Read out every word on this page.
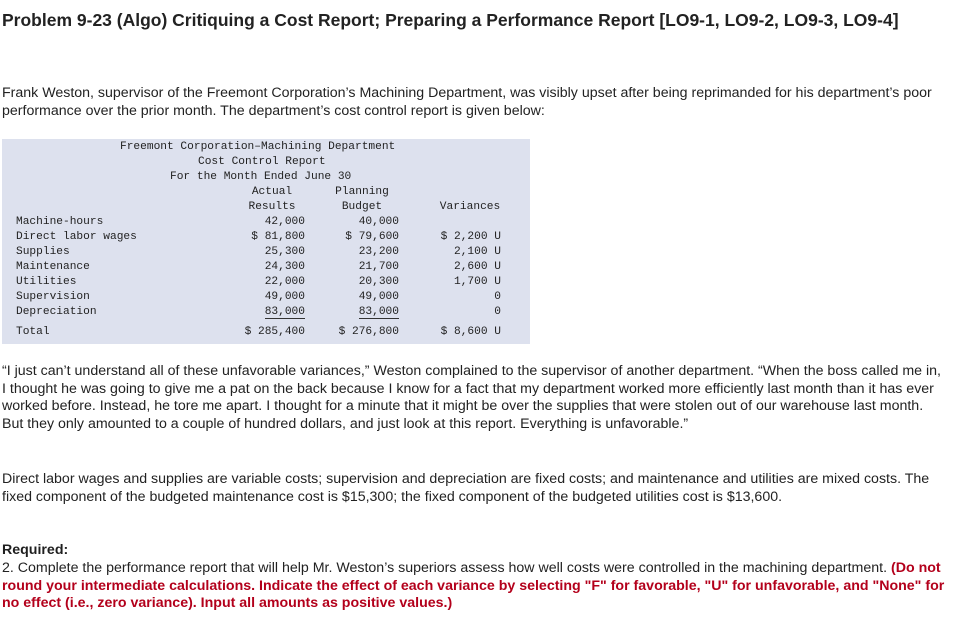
Problem 9-23 (Algo) Critiquing a Cost Report; Preparing a Performance Report [LO9-1, LO9-2, LO9-3, LO9-4]
Frank Weston, supervisor of the Freemont Corporation’s Machining Department, was visibly upset after being reprimanded for his department’s poor performance over the prior month. The department’s cost control report is given below:
Freemont Corporation–Machining Department
Cost Control Report
For the Month Ended June 30
Actual
Results
Planning
Budget	Variances
Machine-hours	42,000	40,000
Direct labor wages	$ 81,800	$ 79,600	$ 2,200 U
Supplies	25,300	23,200	2,100 U
Maintenance	24,300	21,700	2,600 U
Utilities	22,000	20,300	1,700 U
Supervision	49,000	49,000	0
Depreciation	83,000	83,000	0
Total	$ 285,400	$ 276,800	$ 8,600 U
“I just can’t understand all of these unfavorable variances,” Weston complained to the supervisor of another department. “When the boss called me in, I thought he was going to give me a pat on the back because I know for a fact that my department worked more efficiently last month than it has ever worked before. Instead, he tore me apart. I thought for a minute that it might be over the supplies that were stolen out of our warehouse last month. But they only amounted to a couple of hundred dollars, and just look at this report. Everything is unfavorable.”
Direct labor wages and supplies are variable costs; supervision and depreciation are fixed costs; and maintenance and utilities are mixed costs. The fixed component of the budgeted maintenance cost is $15,300; the fixed component of the budgeted utilities cost is $13,600.
Required:
2. Complete the performance report that will help Mr. Weston’s superiors assess how well costs were controlled in the machining department. (Do not round your intermediate calculations. Indicate the effect of each variance by selecting "F" for favorable, "U" for unfavorable, and "None" for no effect (i.e., zero variance). Input all amounts as positive values.)
